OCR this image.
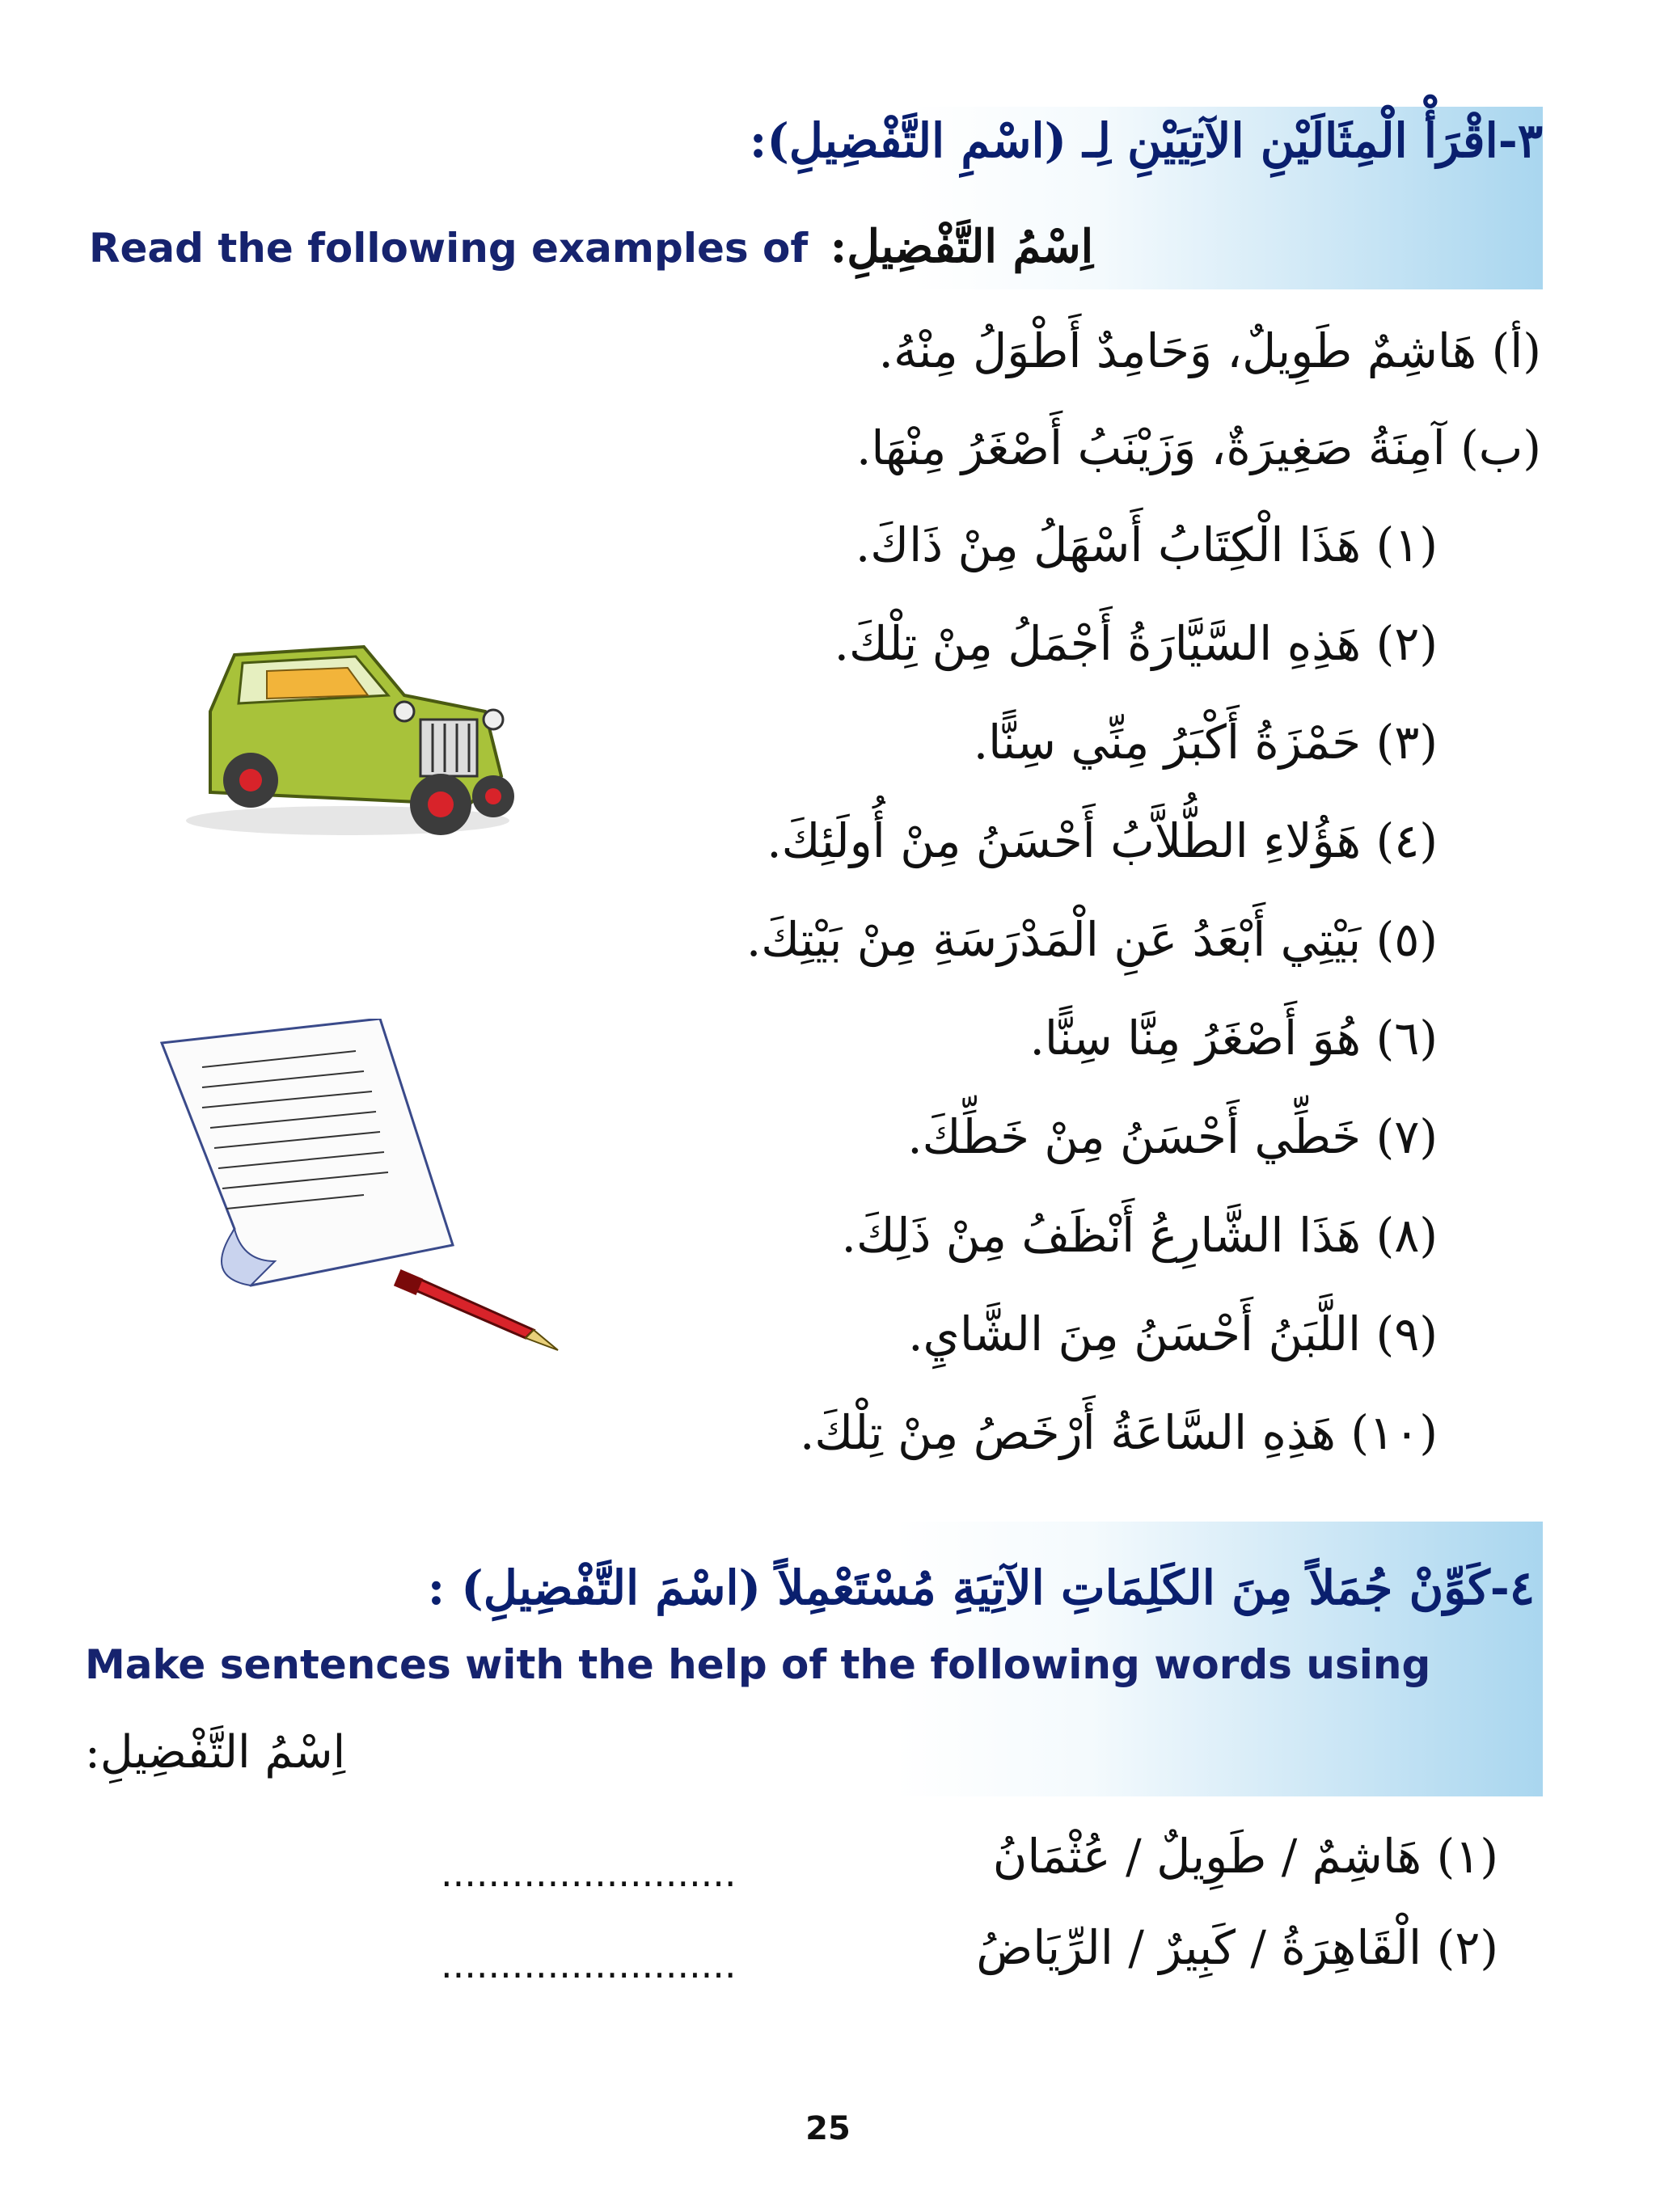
٣-اقْرَأْ الْمِثَالَيْنِ الآتِيَيْنِ لِـ (اسْمِ التَّفْضِيلِ):
Read the following examples of اِسْمُ التَّفْضِيلِ:
(أ) هَاشِمٌ طَوِيلٌ، وَحَامِدٌ أَطْوَلُ مِنْهُ.
(ب) آمِنَةُ صَغِيرَةٌ، وَزَيْنَبُ أَصْغَرُ مِنْهَا.
(١) هَذَا الْكِتَابُ أَسْهَلُ مِنْ ذَاكَ.
(٢) هَذِهِ السَّيَّارَةُ أَجْمَلُ مِنْ تِلْكَ.
(٣) حَمْزَةُ أَكْبَرُ مِنِّي سِنًّا.
(٤) هَؤُلاءِ الطُّلاَّبُ أَحْسَنُ مِنْ أُولَئِكَ.
(٥) بَيْتِي أَبْعَدُ عَنِ الْمَدْرَسَةِ مِنْ بَيْتِكَ.
(٦) هُوَ أَصْغَرُ مِنَّا سِنًّا.
(٧) خَطِّي أَحْسَنُ مِنْ خَطِّكَ.
(٨) هَذَا الشَّارِعُ أَنْظَفُ مِنْ ذَلِكَ.
(٩) اللَّبَنُ أَحْسَنُ مِنَ الشَّايِ.
(١٠) هَذِهِ السَّاعَةُ أَرْخَصُ مِنْ تِلْكَ.
٤-كَوِّنْ جُمَلاً مِنَ الكَلِمَاتِ الآتِيَةِ مُسْتَعْمِلاً (اسْمَ التَّفْضِيلِ) :
Make sentences with the help of the following words using
اِسْمُ التَّفْضِيلِ:
(١) هَاشِمٌ / طَوِيلٌ / عُثْمَانُ
.........................
(٢) الْقَاهِرَةُ / كَبِيرٌ / الرِّيَاضُ
.........................
25
